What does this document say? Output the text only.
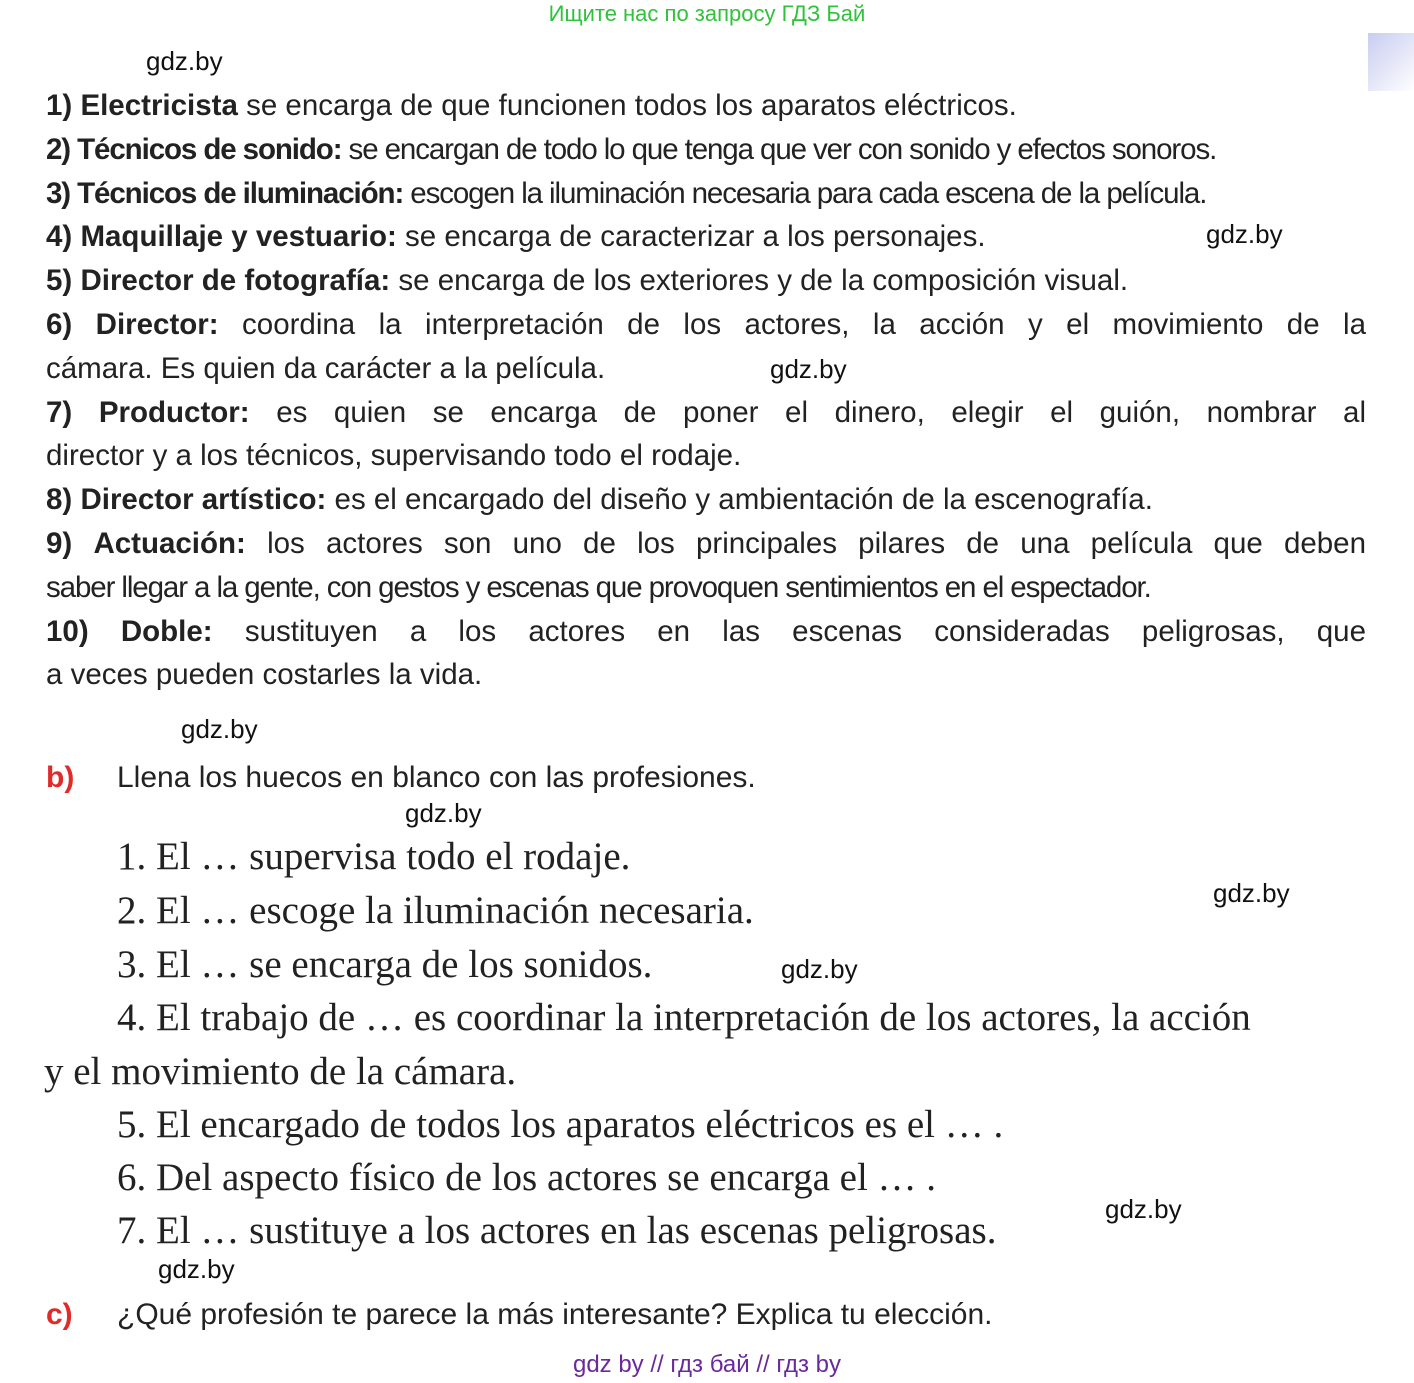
Ищите нас по запросу ГДЗ Бай
gdz.by
gdz.by
gdz.by
gdz.by
gdz.by
gdz.by
gdz.by
gdz.by
gdz.by
1) Electricista se encarga de que funcionen todos los aparatos eléctricos.
2) Técnicos de sonido: se encargan de todo lo que tenga que ver con sonido y efectos sonoros.
3) Técnicos de iluminación: escogen la iluminación necesaria para cada escena de la película.
4) Maquillaje y vestuario: se encarga de caracterizar a los personajes.
5) Director de fotografía: se encarga de los exteriores y de la composición visual.
6) Director: coordina la interpretación de los actores, la acción y el movimiento de la
cámara. Es quien da carácter a la película.
7) Productor: es quien se encarga de poner el dinero, elegir el guión, nombrar al
director y a los técnicos, supervisando todo el rodaje.
8) Director artístico: es el encargado del diseño y ambientación de la escenografía.
9) Actuación: los actores son uno de los principales pilares de una película que deben
saber llegar a la gente, con gestos y escenas que provoquen sentimientos en el espectador.
10) Doble: sustituyen a los actores en las escenas consideradas peligrosas, que
a veces pueden costarles la vida.
b) Llena los huecos en blanco con las profesiones.
1. El … supervisa todo el rodaje.
2. El … escoge la iluminación necesaria.
3. El … se encarga de los sonidos.
4. El trabajo de … es coordinar la interpretación de los actores, la acción
y el movimiento de la cámara.
5. El encargado de todos los aparatos eléctricos es el … .
6. Del aspecto físico de los actores se encarga el … .
7. El … sustituye a los actores en las escenas peligrosas.
c) ¿Qué profesión te parece la más interesante? Explica tu elección.
gdz by // гдз бай // гдз by
